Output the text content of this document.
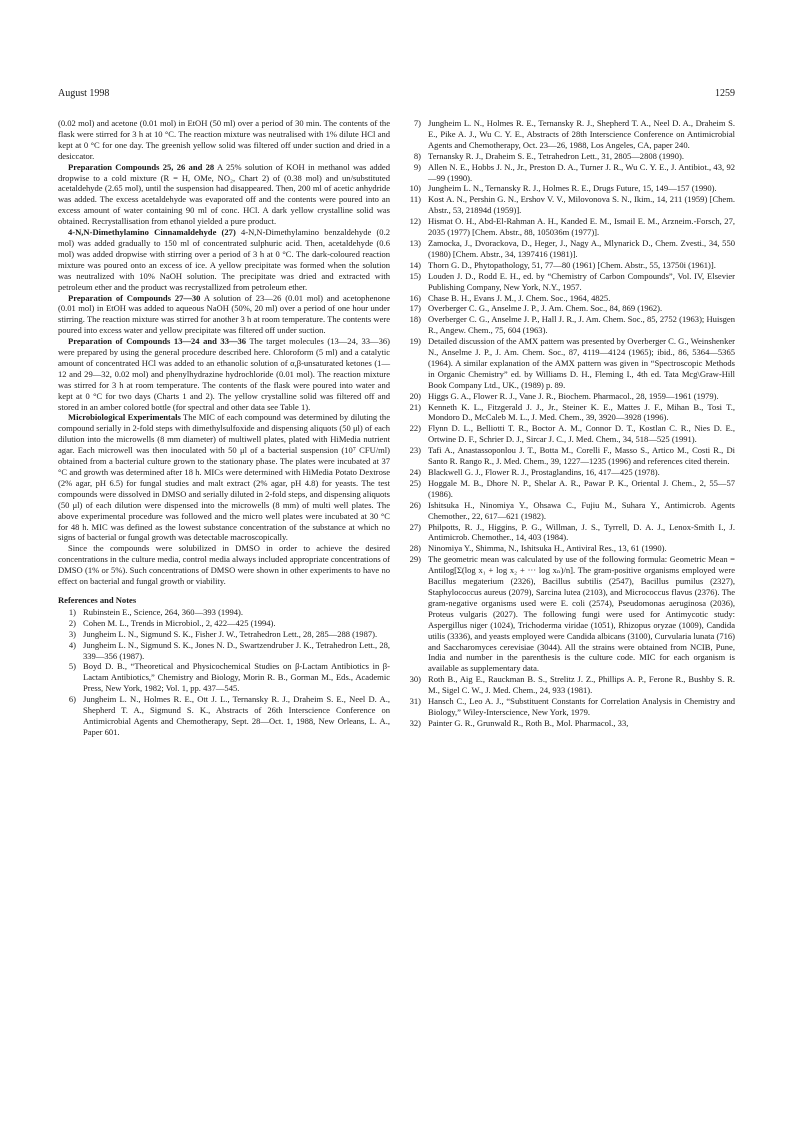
August 1998	1259

(0.02 mol) and acetone (0.01 mol) in EtOH (50 ml) over a period of 30 min. The contents of the flask were stirred for 3 h at 10 °C. The reaction mixture was neutralised with 1% dilute HCl and kept at 0 °C for one day. The greenish yellow solid was filtered off under suction and dried in a desiccator.

Preparation Compounds 25, 26 and 28 A 25% solution of KOH in methanol was added dropwise to a cold mixture (R = H, OMe, NO₂, Chart 2) of (0.38 mol) and un/substituted acetaldehyde (2.65 mol), until the suspension had disappeared. Then, 200 ml of acetic anhydride was added. The excess acetaldehyde was evaporated off and the contents were poured into an excess amount of water containing 90 ml of conc. HCl. A dark yellow crystalline solid was obtained. Recrystallisation from ethanol yielded a pure product.

4-N,N-Dimethylamino Cinnamaldehyde (27) 4-N,N-Dimethylamino benzaldehyde (0.2 mol) was added gradually to 150 ml of concentrated sulphuric acid. Then, acetaldehyde (0.6 mol) was added dropwise with stirring over a period of 3 h at 0 °C. The dark-coloured reaction mixture was poured onto an excess of ice. A yellow precipitate was formed when the solution was neutralized with 10% NaOH solution. The precipitate was dried and extracted with petroleum ether and the product was recrystallized from petroleum ether.

Preparation of Compounds 27—30 A solution of 23—26 (0.01 mol) and acetophenone (0.01 mol) in EtOH was added to aqueous NaOH (50%, 20 ml) over a period of one hour under stirring. The reaction mixture was stirred for another 3 h at room temperature. The contents were poured into excess water and yellow precipitate was filtered off under suction.

Preparation of Compounds 13—24 and 33—36 The target molecules (13—24, 33—36) were prepared by using the general procedure described here. Chloroform (5 ml) and a catalytic amount of concentrated HCl was added to an ethanolic solution of α,β-unsaturated ketones (1—12 and 29—32, 0.02 mol) and phenylhydrazine hydrochloride (0.01 mol). The reaction mixture was stirred for 3 h at room temperature. The contents of the flask were poured into water and kept at 0 °C for two days (Charts 1 and 2). The yellow crystalline solid was filtered off and stored in an amber colored bottle (for spectral and other data see Table 1).

Microbiological Experimentals The MIC of each compound was determined by diluting the compound serially in 2-fold steps with dimethylsulfoxide and dispensing aliquots (50 μl) of each dilution into the microwells (8 mm diameter) of multiwell plates, plated with HiMedia nutrient agar. Each microwell was then inoculated with 50 μl of a bacterial suspension (10⁷ CFU/ml) obtained from a bacterial culture grown to the stationary phase. The plates were incubated at 37 °C and growth was determined after 18 h. MICs were determined with HiMedia Potato Dextrose (2% agar, pH 6.5) for fungal studies and malt extract (2% agar, pH 4.8) for yeasts. The test compounds were dissolved in DMSO and serially diluted in 2-fold steps, and dispensing aliquots (50 μl) of each dilution were dispensed into the microwells (8 mm) of multi well plates. The above experimental procedure was followed and the micro well plates were incubated at 30 °C for 48 h. MIC was defined as the lowest substance concentration of the substance at which no signs of bacterial or fungal growth was detectable macroscopically.

Since the compounds were solubilized in DMSO in order to achieve the desired concentrations in the culture media, control media always included appropriate concentrations of DMSO (1% or 5%). Such concentrations of DMSO were shown in other experiments to have no effect on bacterial and fungal growth or viability.

References and Notes
1) Rubinstein E., Science, 264, 360—393 (1994).
2) Cohen M. L., Trends in Microbiol., 2, 422—425 (1994).
3) Jungheim L. N., Sigmund S. K., Fisher J. W., Tetrahedron Lett., 28, 285—288 (1987).
4) Jungheim L. N., Sigmund S. K., Jones N. D., Swartzendruber J. K., Tetrahedron Lett., 28, 339—356 (1987).
5) Boyd D. B., “Theoretical and Physicochemical Studies on β-Lactam Antibiotics in β-Lactam Antibiotics,” Chemistry and Biology, Morin R. B., Gorman M., Eds., Academic Press, New York, 1982; Vol. 1, pp. 437—545.
6) Jungheim L. N., Holmes R. E., Ott J. L., Ternansky R. J., Draheim S. E., Neel D. A., Shepherd T. A., Sigmund S. K., Abstracts of 26th Interscience Conference on Antimicrobial Agents and Chemotherapy, Sept. 28—Oct. 1, 1988, New Orleans, L. A., Paper 601.
7) Jungheim L. N., Holmes R. E., Ternansky R. J., Shepherd T. A., Neel D. A., Draheim S. E., Pike A. J., Wu C. Y. E., Abstracts of 28th Interscience Conference on Antimicrobial Agents and Chemotherapy, Oct. 23—26, 1988, Los Angeles, CA, paper 240.
8) Ternansky R. J., Draheim S. E., Tetrahedron Lett., 31, 2805—2808 (1990).
9) Allen N. E., Hobbs J. N., Jr., Preston D. A., Turner J. R., Wu C. Y. E., J. Antibiot., 43, 92—99 (1990).
10) Jungheim L. N., Ternansky R. J., Holmes R. E., Drugs Future, 15, 149—157 (1990).
11) Kost A. N., Pershin G. N., Ershov V. V., Milovonova S. N., Ikim., 14, 211 (1959) [Chem. Abstr., 53, 21894d (1959)].
12) Hismat O. H., Abd-El-Rahman A. H., Kanded E. M., Ismail E. M., Arzneim.-Forsch, 27, 2035 (1977) [Chem. Abstr., 88, 105036m (1977)].
13) Zamocka, J., Dvorackova, D., Heger, J., Nagy A., Mlynarick D., Chem. Zvesti., 34, 550 (1980) [Chem. Abstr., 34, 1397416 (1981)].
14) Thorn G. D., Phytopathology, 51, 77—80 (1961) [Chem. Abstr., 55, 13750i (1961)].
15) Louden J. D., Rodd E. H., ed. by “Chemistry of Carbon Compounds”, Vol. IV, Elsevier Publishing Company, New York, N.Y., 1957.
16) Chase B. H., Evans J. M., J. Chem. Soc., 1964, 4825.
17) Overberger C. G., Anselme J. P., J. Am. Chem. Soc., 84, 869 (1962).
18) Overberger C. G., Anselme J. P., Hall J. R., J. Am. Chem. Soc., 85, 2752 (1963); Huisgen R., Angew. Chem., 75, 604 (1963).
19) Detailed discussion of the AMX pattern was presented by Overberger C. G., Weinshenker N., Anselme J. P., J. Am. Chem. Soc., 87, 4119—4124 (1965); ibid., 86, 5364—5365 (1964). A similar explanation of the AMX pattern was given in “Spectroscopic Methods in Organic Chemistry” ed. by Williams D. H., Fleming I., 4th ed. Tata Mcg\Graw-Hill Book Company Ltd., UK., (1989) p. 89.
20) Higgs G. A., Flower R. J., Vane J. R., Biochem. Pharmacol., 28, 1959—1961 (1979).
21) Kenneth K. L., Fitzgerald J. J., Jr., Steiner K. E., Mattes J. F., Mihan B., Tosi T., Mondoro D., McCaleb M. L., J. Med. Chem., 39, 3920—3928 (1996).
22) Flynn D. L., Belliotti T. R., Boctor A. M., Connor D. T., Kostlan C. R., Nies D. E., Ortwine D. F., Schrier D. J., Sircar J. C., J. Med. Chem., 34, 518—525 (1991).
23) Tafi A., Anastassoponlou J. T., Botta M., Corelli F., Masso S., Artico M., Costi R., Di Santo R. Rango R., J. Med. Chem., 39, 1227—1235 (1996) and references cited therein.
24) Blackwell G. J., Flower R. J., Prostaglandins, 16, 417—425 (1978).
25) Hoggale M. B., Dhore N. P., Shelar A. R., Pawar P. K., Oriental J. Chem., 2, 55—57 (1986).
26) Ishitsuka H., Ninomiya Y., Ohsawa C., Fujiu M., Suhara Y., Antimicrob. Agents Chemother., 22, 617—621 (1982).
27) Philpotts, R. J., Higgins, P. G., Willman, J. S., Tyrrell, D. A. J., Lenox-Smith I., J. Antimicrob. Chemother., 14, 403 (1984).
28) Ninomiya Y., Shimma, N., Ishitsuka H., Antiviral Res., 13, 61 (1990).
29) The geometric mean was calculated by use of the following formula: Geometric Mean = Antilog[Σ(log x₁ + log x₂ + ··· log xₙ)/n]. The gram-positive organisms employed were Bacillus megaterium (2326), Bacillus subtilis (2547), Bacillus pumilus (2327), Staphylococcus aureus (2079), Sarcina lutea (2103), and Micrococcus flavus (2376). The gram-negative organisms used were E. coli (2574), Pseudomonas aeruginosa (2036), Proteus vulgaris (2027). The following fungi were used for Antimycotic study: Aspergillus niger (1024), Trichoderma viridae (1051), Rhizopus oryzae (1009), Candida utilis (3336), and yeasts employed were Candida albicans (3100), Curvularia lunata (716) and Saccharomyces cerevisiae (3044). All the strains were obtained from NCIB, Pune, India and number in the parenthesis is the culture code. MIC for each organism is available as supplementary data.
30) Roth B., Aig E., Rauckman B. S., Strelitz J. Z., Phillips A. P., Ferone R., Bushby S. R. M., Sigel C. W., J. Med. Chem., 24, 933 (1981).
31) Hansch C., Leo A. J., “Substituent Constants for Correlation Analysis in Chemistry and Biology,” Wiley-Interscience, New York, 1979.
32) Painter G. R., Grunwald R., Roth B., Mol. Pharmacol., 33,
